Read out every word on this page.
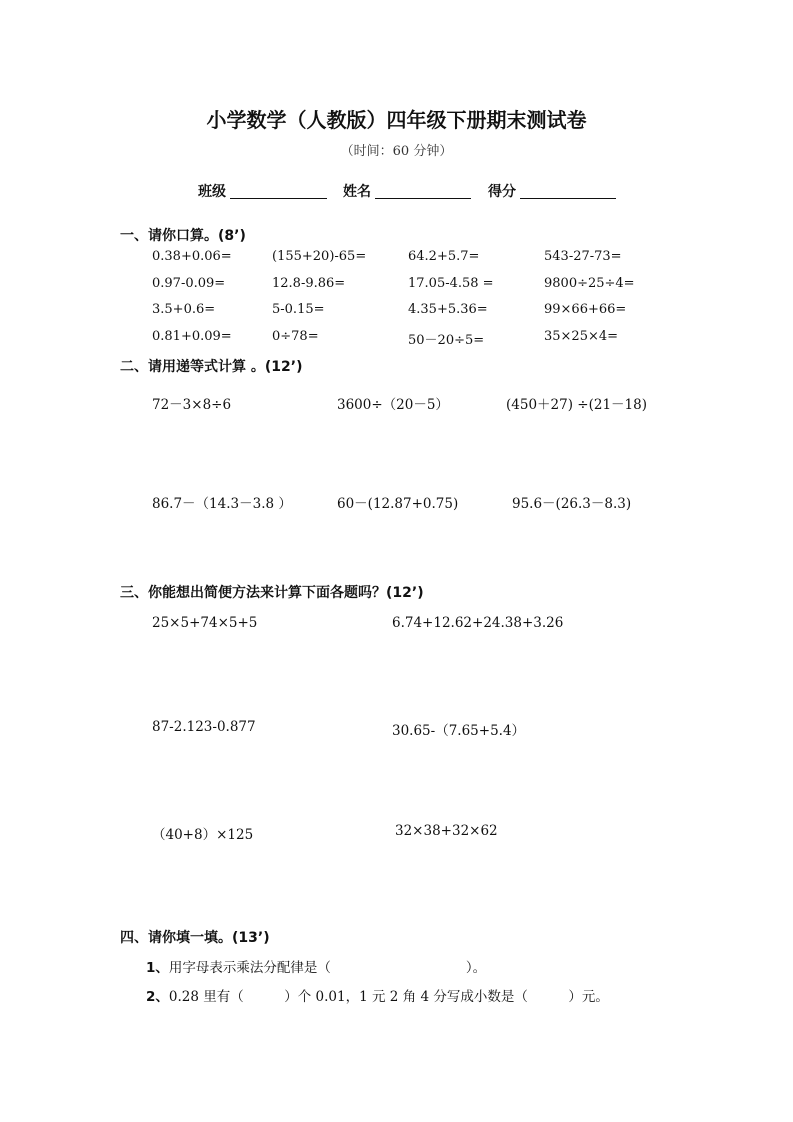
小学数学（人教版）四年级下册期末测试卷
（时间：60 分钟）
班级	姓名	得分
一、请你口算。(8’)
0.38+0.06=	(155+20)-65=	64.2+5.7=	543-27-73=
0.97-0.09=	12.8-9.86=	17.05-4.58 =	9800÷25÷4=
3.5+0.6=	5-0.15=	4.35+5.36=	99×66+66=
0.81+0.09=	0÷78=	50－20÷5=	35×25×4=
二、请用递等式计算 。(12’)
72－3×8÷6	3600÷（20－5）	(450＋27) ÷(21－18)
86.7－（14.3－3.8 ）	60－(12.87+0.75)	95.6－(26.3－8.3)
三、你能想出简便方法来计算下面各题吗？(12’)
25×5+74×5+5	6.74+12.62+24.38+3.26
87-2.123-0.877	30.65-（7.65+5.4）
（40+8）×125	32×38+32×62
四、请你填一填。(13’)
1、用字母表示乘法分配律是（　　　　　　　　　　）。
2、0.28 里有（　　　）个 0.01，1 元 2 角 4 分写成小数是（　　　）元。
